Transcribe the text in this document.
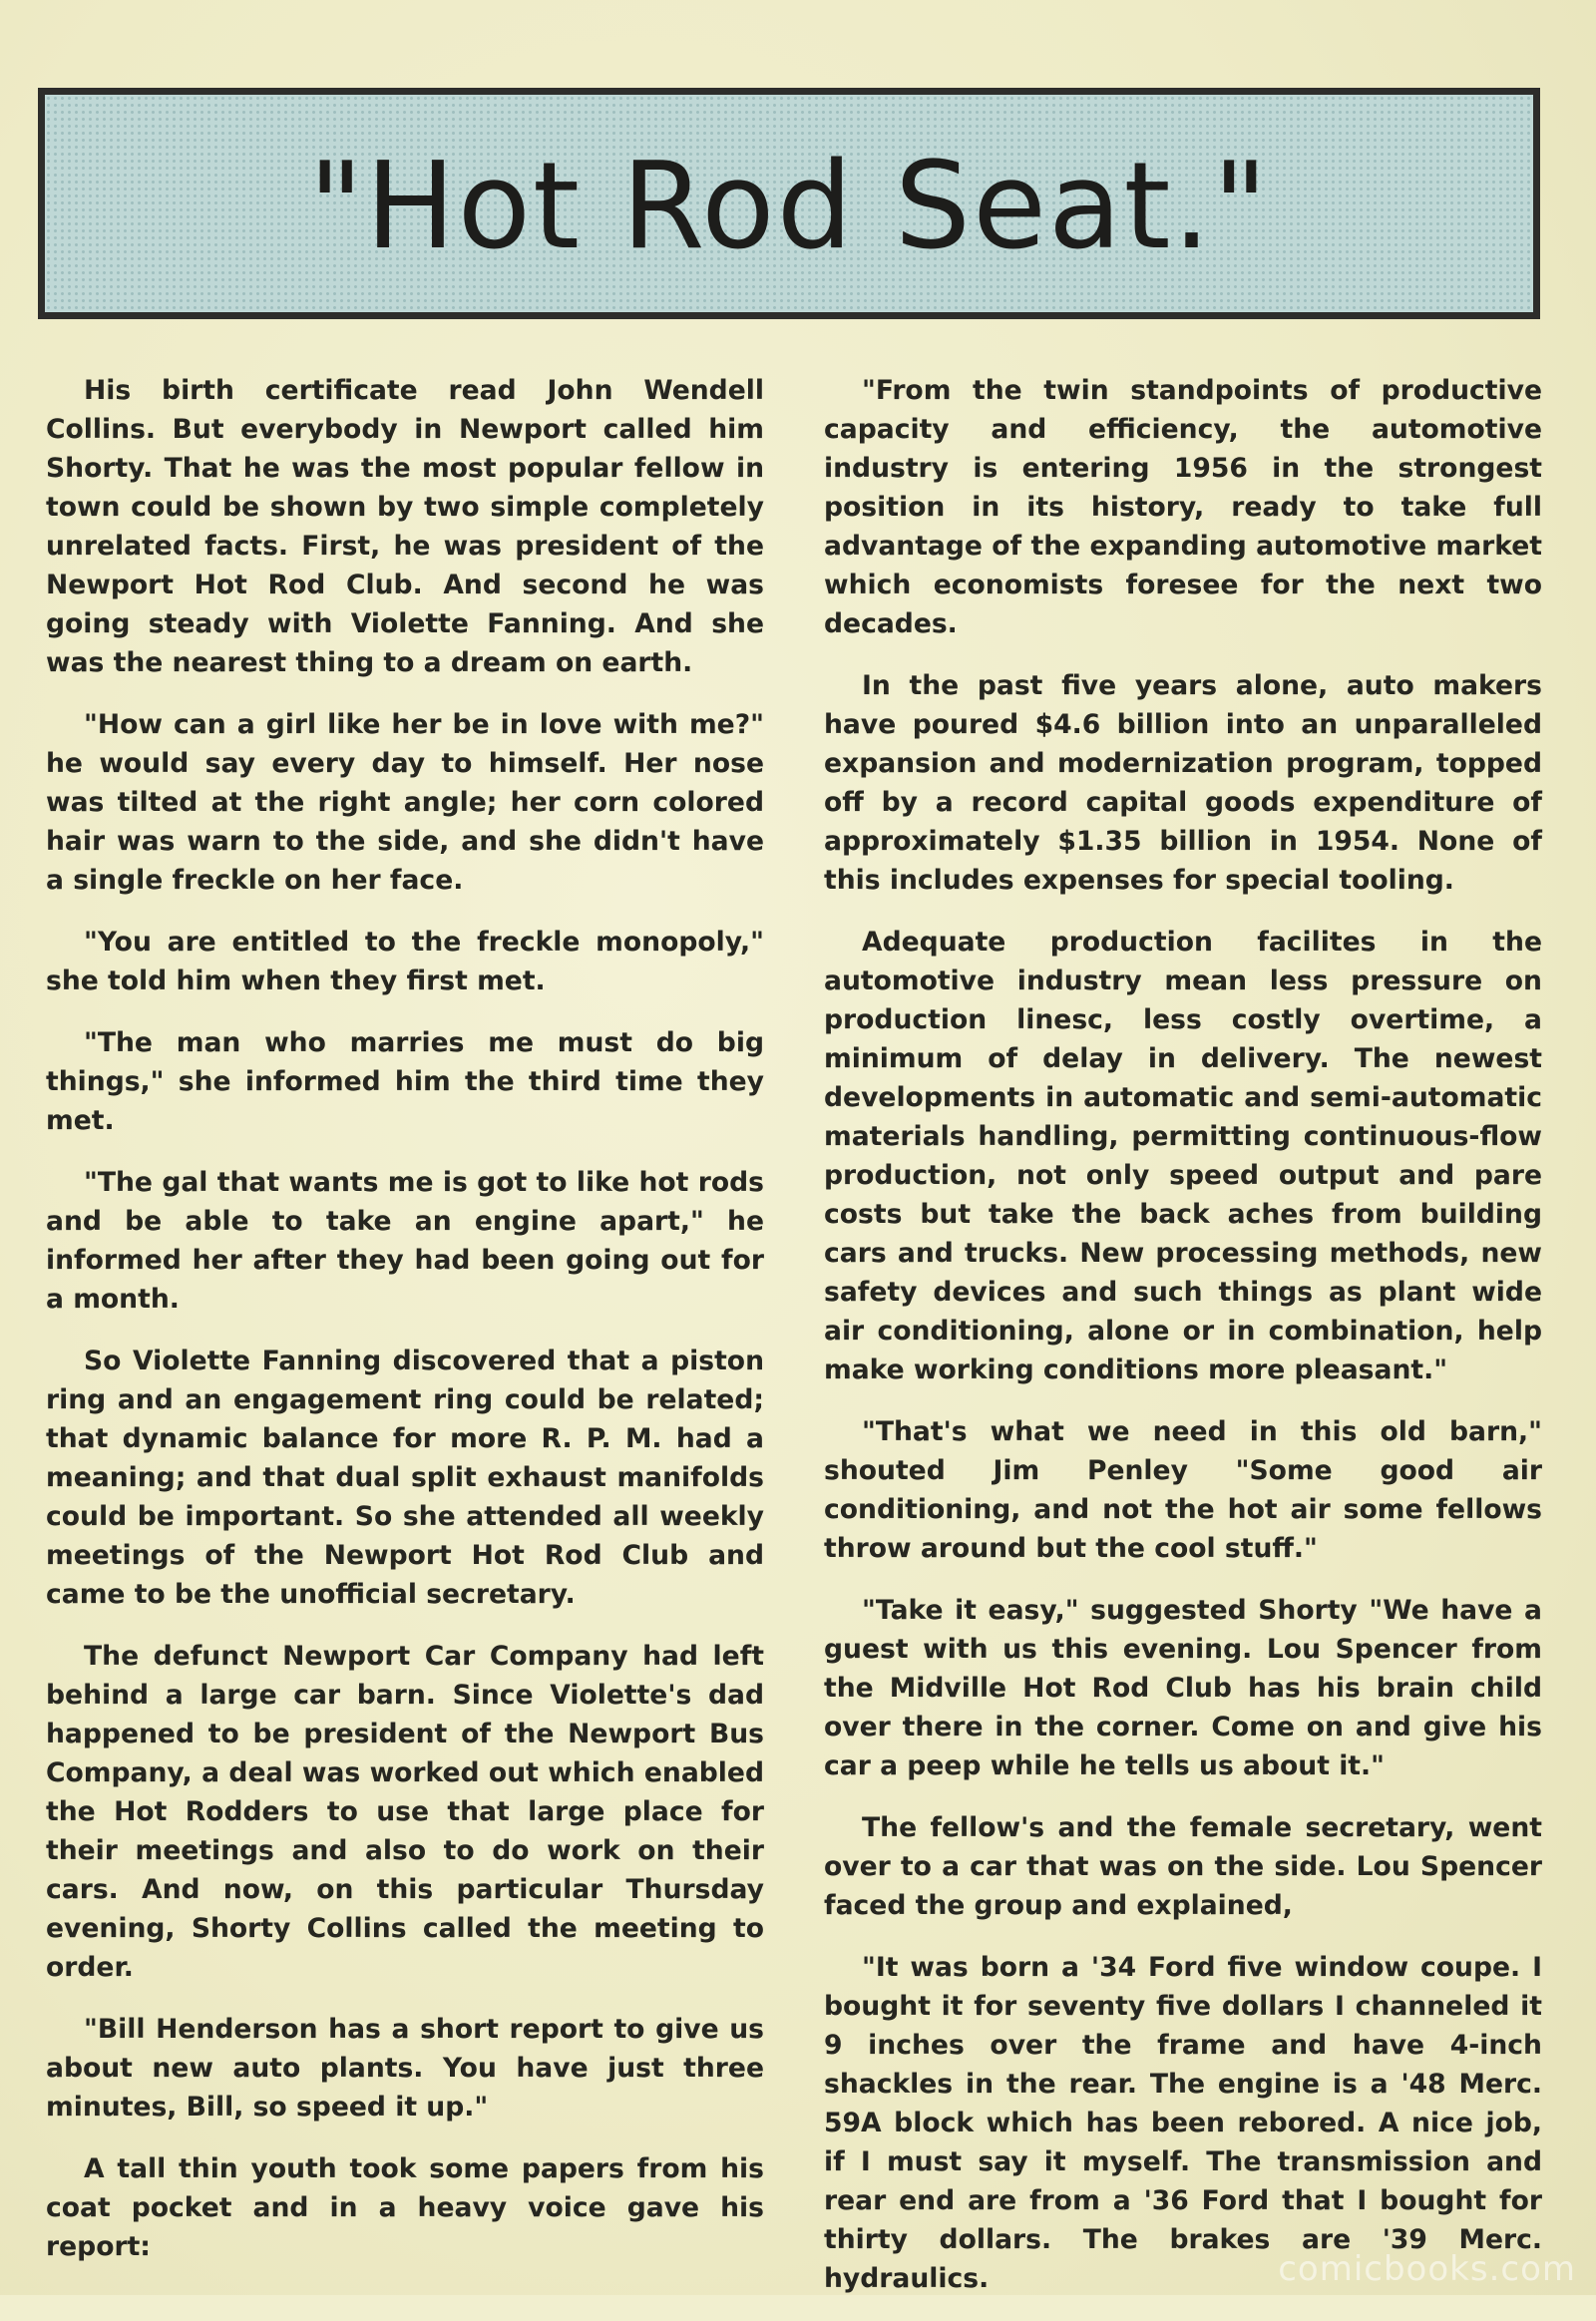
"Hot Rod Seat."

His birth certificate read John Wendell Collins. But everybody in Newport called him Shorty. That he was the most popular fellow in town could be shown by two simple completely unrelated facts. First, he was president of the Newport Hot Rod Club. And second he was going steady with Violette Fanning. And she was the nearest thing to a dream on earth.

"How can a girl like her be in love with me?" he would say every day to himself. Her nose was tilted at the right angle; her corn colored hair was warn to the side, and she didn't have a single freckle on her face.

"You are entitled to the freckle monopoly," she told him when they first met.

"The man who marries me must do big things," she informed him the third time they met.

"The gal that wants me is got to like hot rods and be able to take an engine apart," he informed her after they had been going out for a month.

So Violette Fanning discovered that a piston ring and an engagement ring could be related; that dynamic balance for more R. P. M. had a meaning; and that dual split exhaust manifolds could be important. So she attended all weekly meetings of the Newport Hot Rod Club and came to be the unofficial secretary.

The defunct Newport Car Company had left behind a large car barn. Since Violette's dad happened to be president of the Newport Bus Company, a deal was worked out which enabled the Hot Rodders to use that large place for their meetings and also to do work on their cars. And now, on this particular Thursday evening, Shorty Collins called the meeting to order.

"Bill Henderson has a short report to give us about new auto plants. You have just three minutes, Bill, so speed it up."

A tall thin youth took some papers from his coat pocket and in a heavy voice gave his report:

"From the twin standpoints of productive capacity and efficiency, the automotive industry is entering 1956 in the strongest position in its history, ready to take full advantage of the expanding automotive market which economists foresee for the next two decades.

In the past five years alone, auto makers have poured $4.6 billion into an unparalleled expansion and modernization program, topped off by a record capital goods expenditure of approximately $1.35 billion in 1954. None of this includes expenses for special tooling.

Adequate production facilites in the automotive industry mean less pressure on production linesc, less costly overtime, a minimum of delay in delivery. The newest developments in automatic and semi-automatic materials handling, permitting continuous-flow production, not only speed output and pare costs but take the back aches from building cars and trucks. New processing methods, new safety devices and such things as plant wide air conditioning, alone or in combination, help make working conditions more pleasant."

"That's what we need in this old barn," shouted Jim Penley "Some good air conditioning, and not the hot air some fellows throw around but the cool stuff."

"Take it easy," suggested Shorty "We have a guest with us this evening. Lou Spencer from the Midville Hot Rod Club has his brain child over there in the corner. Come on and give his car a peep while he tells us about it."

The fellow's and the female secretary, went over to a car that was on the side. Lou Spencer faced the group and explained,

"It was born a '34 Ford five window coupe. I bought it for seventy five dollars I channeled it 9 inches over the frame and have 4-inch shackles in the rear. The engine is a '48 Merc. 59A block which has been rebored. A nice job, if I must say it myself. The transmission and rear end are from a '36 Ford that I bought for thirty dollars. The brakes are '39 Merc. hydraulics.	comicbooks.com
